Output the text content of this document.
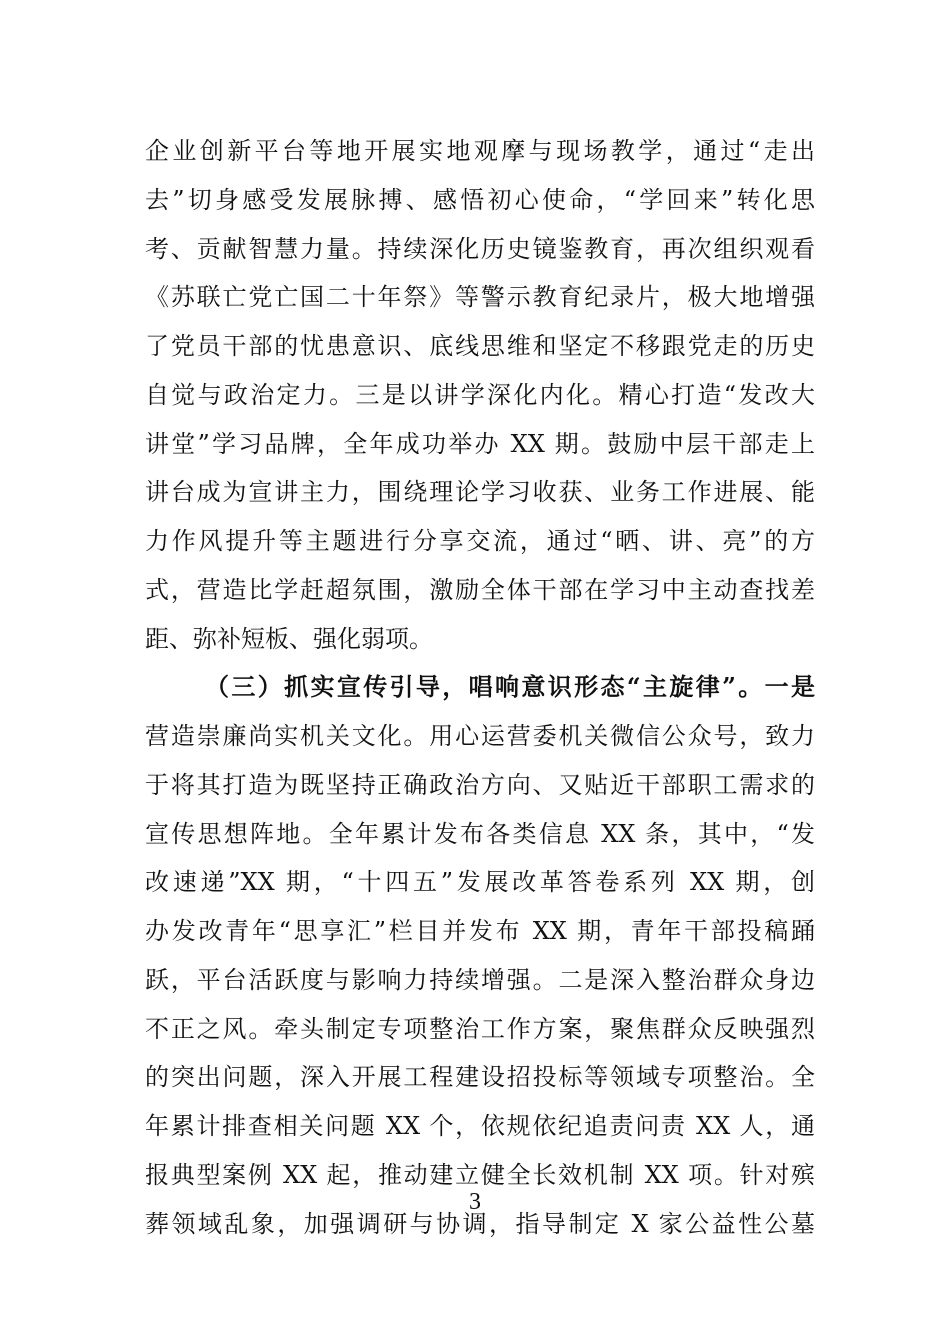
企业创新平台等地开展实地观摩与现场教学，通过“走出
去”切身感受发展脉搏、感悟初心使命，“学回来”转化思
考、贡献智慧力量。持续深化历史镜鉴教育，再次组织观看
《苏联亡党亡国二十年祭》等警示教育纪录片，极大地增强
了党员干部的忧患意识、底线思维和坚定不移跟党走的历史
自觉与政治定力。三是以讲学深化内化。精心打造“发改大
讲堂”学习品牌，全年成功举办 XX 期。鼓励中层干部走上
讲台成为宣讲主力，围绕理论学习收获、业务工作进展、能
力作风提升等主题进行分享交流，通过“晒、讲、亮”的方
式，营造比学赶超氛围，激励全体干部在学习中主动查找差
距、弥补短板、强化弱项。
（三）抓实宣传引导，唱响意识形态“主旋律”。一是
营造崇廉尚实机关文化。用心运营委机关微信公众号，致力
于将其打造为既坚持正确政治方向、又贴近干部职工需求的
宣传思想阵地。全年累计发布各类信息 XX 条，其中，“发
改速递”XX 期，“十四五”发展改革答卷系列 XX 期，创
办发改青年“思享汇”栏目并发布 XX 期，青年干部投稿踊
跃，平台活跃度与影响力持续增强。二是深入整治群众身边
不正之风。牵头制定专项整治工作方案，聚焦群众反映强烈
的突出问题，深入开展工程建设招投标等领域专项整治。全
年累计排查相关问题 XX 个，依规依纪追责问责 XX 人，通
报典型案例 XX 起，推动建立健全长效机制 XX 项。针对殡
葬领域乱象，加强调研与协调，指导制定 X 家公益性公墓
3
